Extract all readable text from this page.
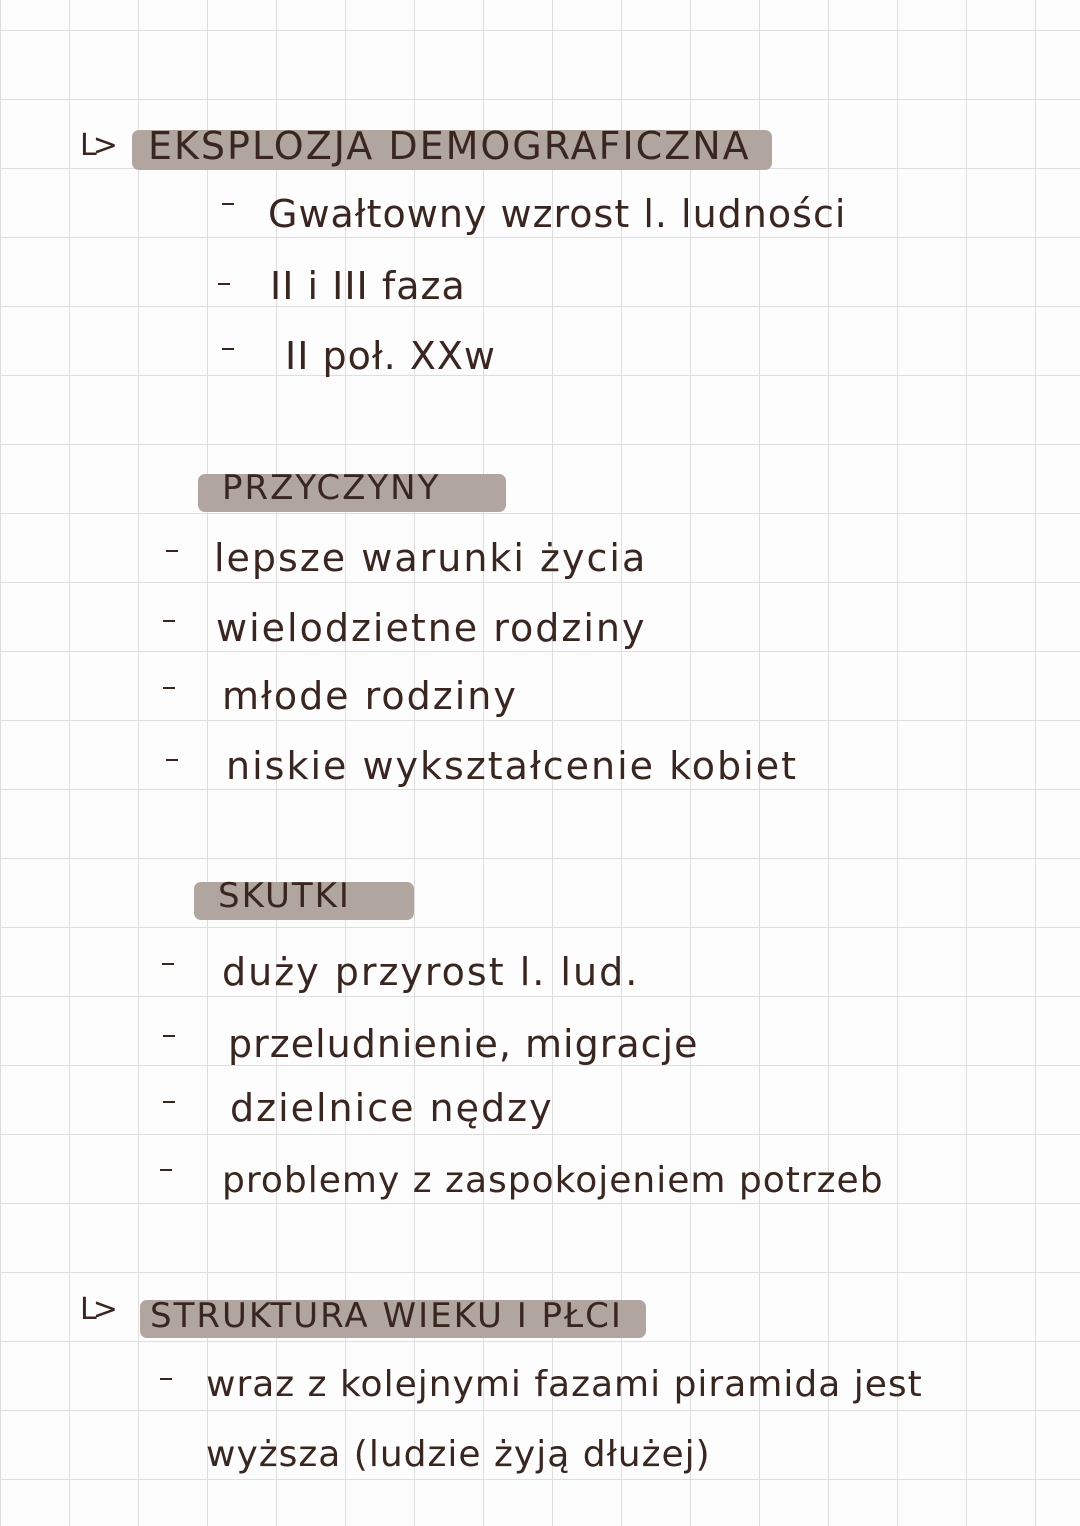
L> EKSPLOZJA DEMOGRAFICZNA
Gwałtowny wzrost l. ludności
II i III faza
II poł. XXw
PRZYCZYNY
lepsze warunki życia
wielodzietne rodziny
młode rodziny
niskie wykształcenie kobiet
SKUTKI
duży przyrost l. lud.
przeludnienie, migracje
dzielnice nędzy
problemy z zaspokojeniem potrzeb
L> STRUKTURA WIEKU I PŁCI
wraz z kolejnymi fazami piramida jest
wyższa (ludzie żyją dłużej)
